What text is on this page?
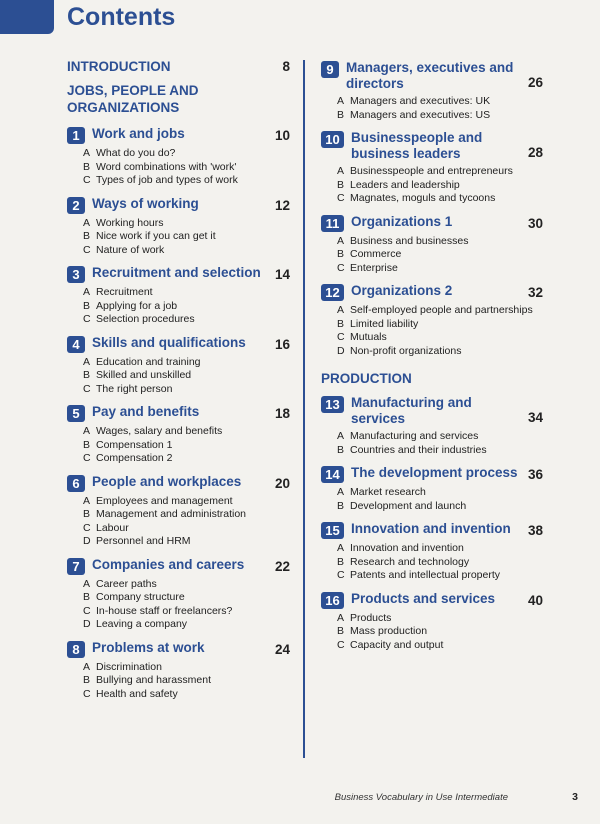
Contents
INTRODUCTION	8
JOBS, PEOPLE AND ORGANIZATIONS
1 Work and jobs	10
A What do you do?
B Word combinations with 'work'
C Types of job and types of work
2 Ways of working	12
A Working hours
B Nice work if you can get it
C Nature of work
3 Recruitment and selection	14
A Recruitment
B Applying for a job
C Selection procedures
4 Skills and qualifications	16
A Education and training
B Skilled and unskilled
C The right person
5 Pay and benefits	18
A Wages, salary and benefits
B Compensation 1
C Compensation 2
6 People and workplaces	20
A Employees and management
B Management and administration
C Labour
D Personnel and HRM
7 Companies and careers	22
A Career paths
B Company structure
C In-house staff or freelancers?
D Leaving a company
8 Problems at work	24
A Discrimination
B Bullying and harassment
C Health and safety
9 Managers, executives and directors	26
A Managers and executives: UK
B Managers and executives: US
10 Businesspeople and business leaders	28
A Businesspeople and entrepreneurs
B Leaders and leadership
C Magnates, moguls and tycoons
11 Organizations 1	30
A Business and businesses
B Commerce
C Enterprise
12 Organizations 2	32
A Self-employed people and partnerships
B Limited liability
C Mutuals
D Non-profit organizations
PRODUCTION
13 Manufacturing and services	34
A Manufacturing and services
B Countries and their industries
14 The development process 36
A Market research
B Development and launch
15 Innovation and invention	38
A Innovation and invention
B Research and technology
C Patents and intellectual property
16 Products and services	40
A Products
B Mass production
C Capacity and output
Business Vocabulary in Use Intermediate	3
